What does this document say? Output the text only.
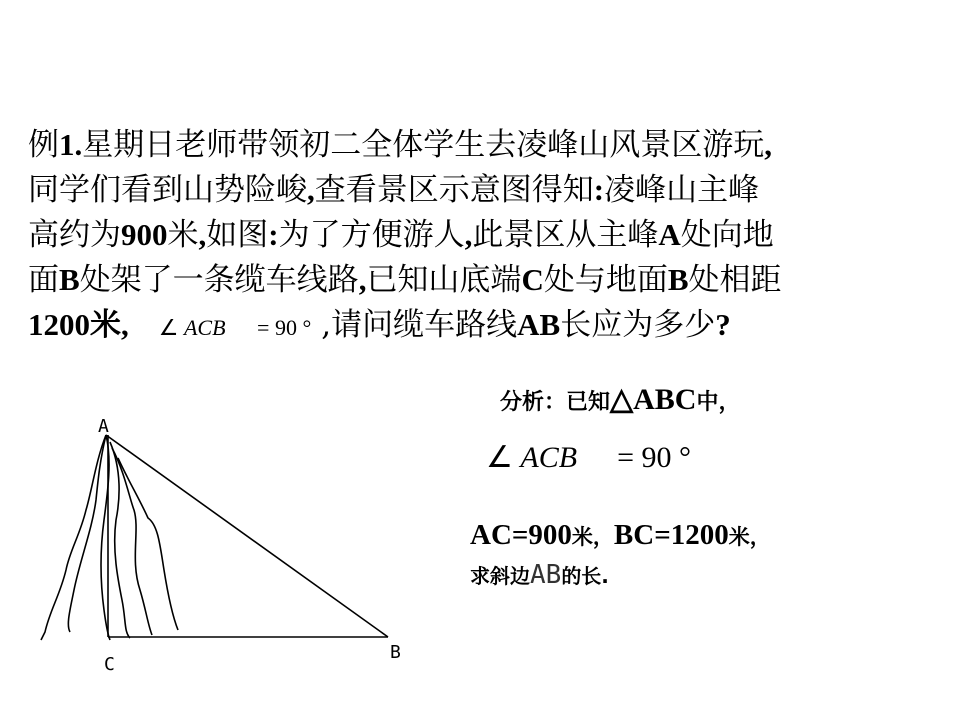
例1.星期日老师带领初二全体学生去凌峰山风景区游玩,
同学们看到山势险峻,查看景区示意图得知:凌峰山主峰
高约为900米,如图:为了方便游人,此景区从主峰A处向地
面B处架了一条缆车线路,已知山底端C处与地面B处相距
1200米, ∠ ACB = 90 ° ,请问缆车路线AB长应为多少?
分析：已知△ABC中，
∠ ACB = 90 °
AC=900米，BC=1200米，
求斜边AB的长.
A
B
C
